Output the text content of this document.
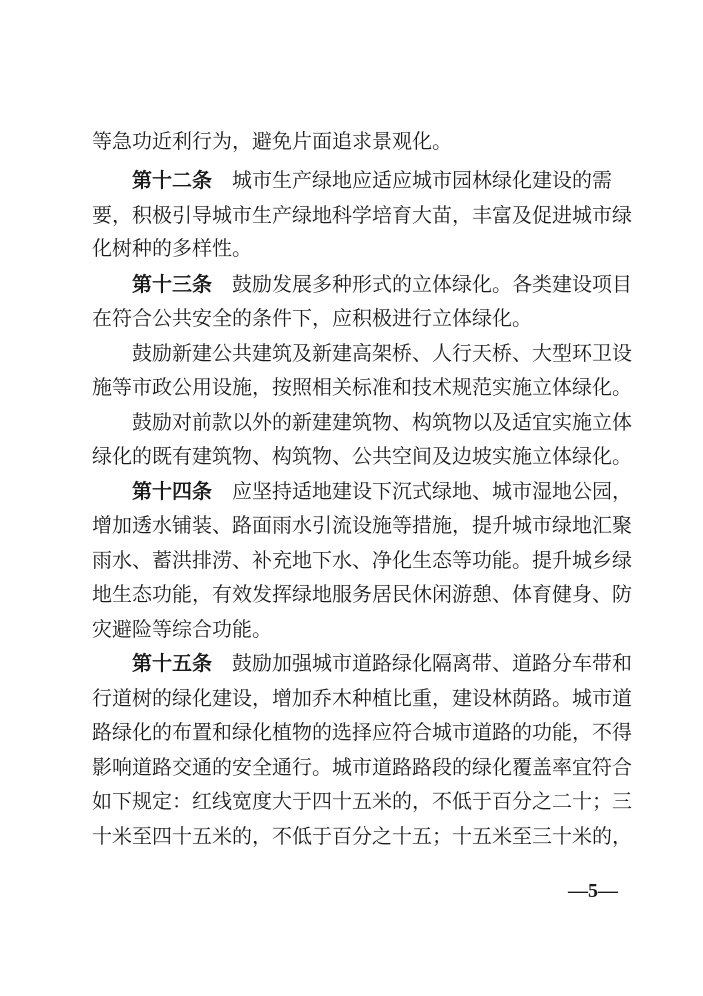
等急功近利行为，避免片面追求景观化。
第十二条 城市生产绿地应适应城市园林绿化建设的需
要，积极引导城市生产绿地科学培育大苗，丰富及促进城市绿
化树种的多样性。
第十三条 鼓励发展多种形式的立体绿化。各类建设项目
在符合公共安全的条件下，应积极进行立体绿化。
鼓励新建公共建筑及新建高架桥、人行天桥、大型环卫设
施等市政公用设施，按照相关标准和技术规范实施立体绿化。
鼓励对前款以外的新建建筑物、构筑物以及适宜实施立体
绿化的既有建筑物、构筑物、公共空间及边坡实施立体绿化。
第十四条 应坚持适地建设下沉式绿地、城市湿地公园，
增加透水铺装、路面雨水引流设施等措施，提升城市绿地汇聚
雨水、蓄洪排涝、补充地下水、净化生态等功能。提升城乡绿
地生态功能，有效发挥绿地服务居民休闲游憩、体育健身、防
灾避险等综合功能。
第十五条 鼓励加强城市道路绿化隔离带、道路分车带和
行道树的绿化建设，增加乔木种植比重，建设林荫路。城市道
路绿化的布置和绿化植物的选择应符合城市道路的功能，不得
影响道路交通的安全通行。城市道路路段的绿化覆盖率宜符合
如下规定：红线宽度大于四十五米的，不低于百分之二十；三
十米至四十五米的，不低于百分之十五；十五米至三十米的，
—5—
